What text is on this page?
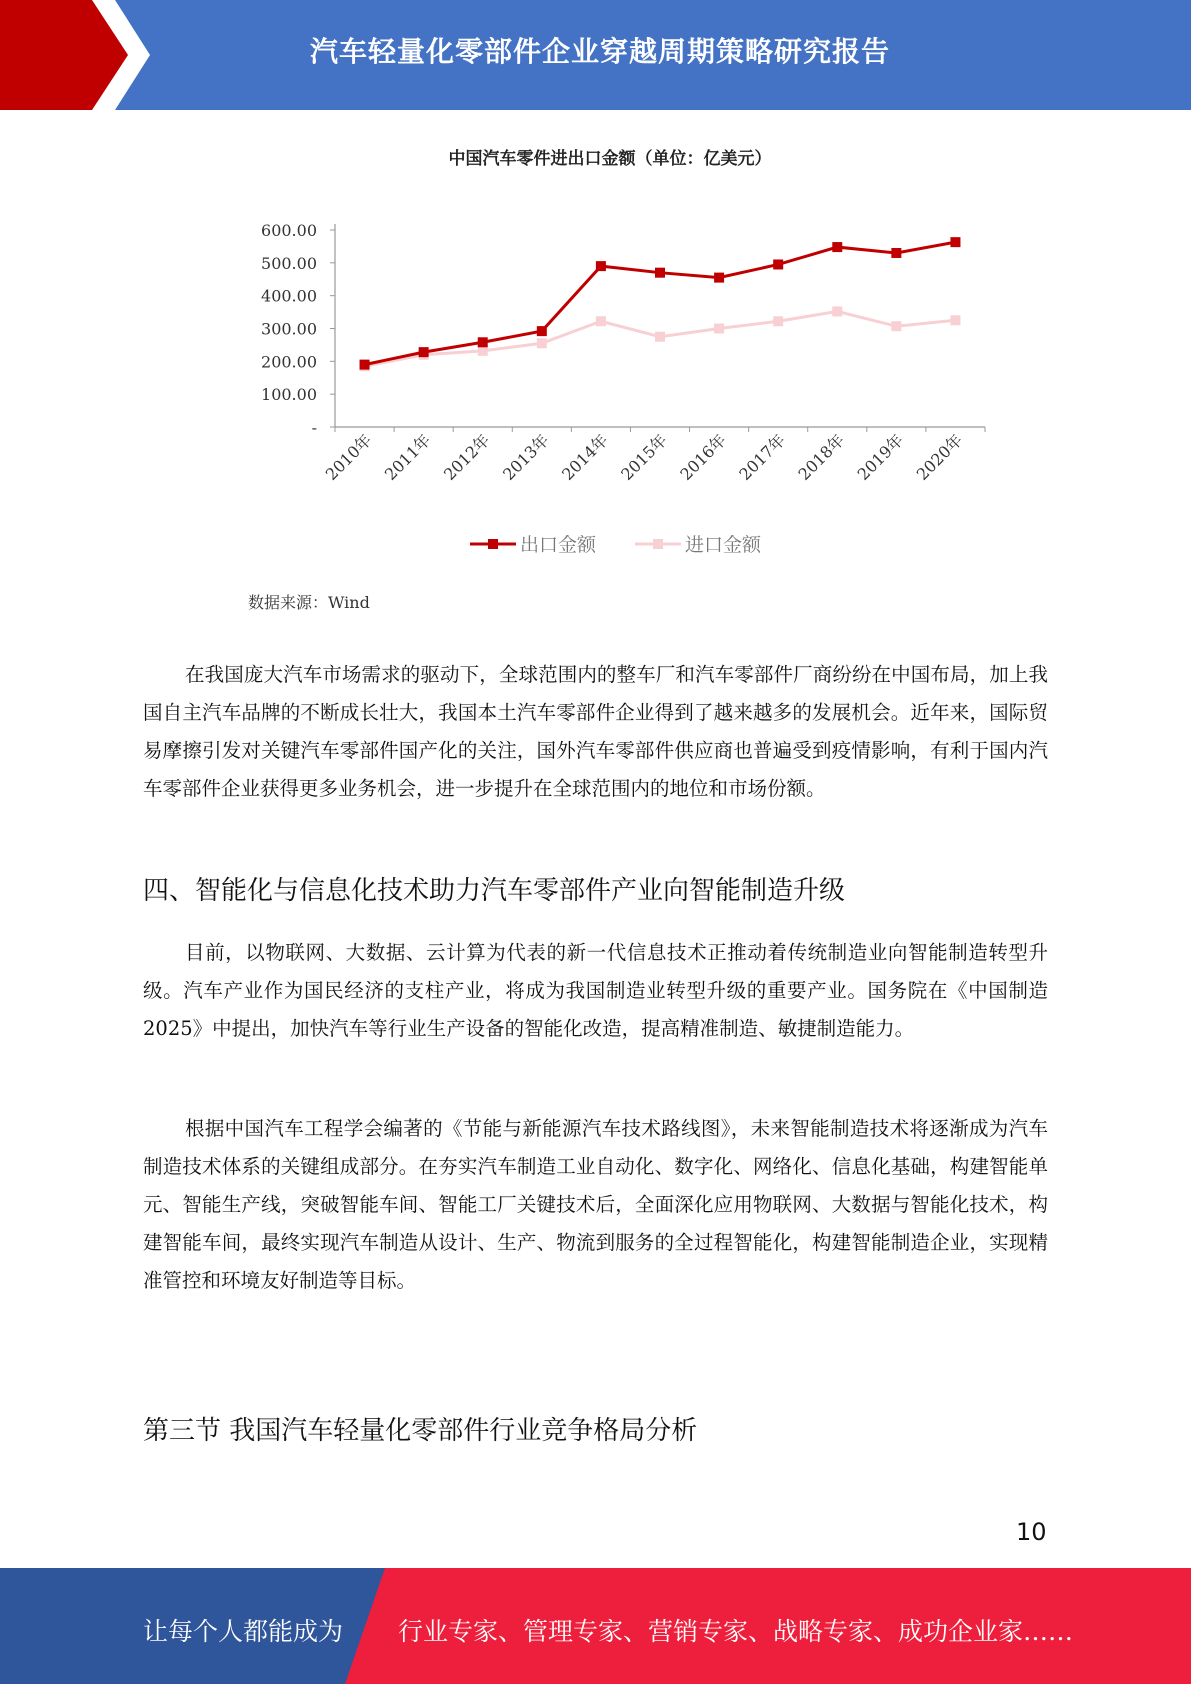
汽车轻量化零部件企业穿越周期策略研究报告
中国汽车零件进出口金额（单位：亿美元）
-
100.00
200.00
300.00
400.00
500.00
600.00
2010年 2011年 2012年 2013年 2014年 2015年 2016年 2017年 2018年 2019年 2020年
出口金额	进口金额
数据来源：Wind

在我国庞大汽车市场需求的驱动下，全球范围内的整车厂和汽车零部件厂商纷纷在中国布局，加上我国自主汽车品牌的不断成长壮大，我国本土汽车零部件企业得到了越来越多的发展机会。近年来，国际贸易摩擦引发对关键汽车零部件国产化的关注，国外汽车零部件供应商也普遍受到疫情影响，有利于国内汽车零部件企业获得更多业务机会，进一步提升在全球范围内的地位和市场份额。

四、智能化与信息化技术助力汽车零部件产业向智能制造升级

目前，以物联网、大数据、云计算为代表的新一代信息技术正推动着传统制造业向智能制造转型升级。汽车产业作为国民经济的支柱产业，将成为我国制造业转型升级的重要产业。国务院在《中国制造 2025》中提出，加快汽车等行业生产设备的智能化改造，提高精准制造、敏捷制造能力。

根据中国汽车工程学会编著的《节能与新能源汽车技术路线图》，未来智能制造技术将逐渐成为汽车制造技术体系的关键组成部分。在夯实汽车制造工业自动化、数字化、网络化、信息化基础，构建智能单元、智能生产线，突破智能车间、智能工厂关键技术后，全面深化应用物联网、大数据与智能化技术，构建智能车间，最终实现汽车制造从设计、生产、物流到服务的全过程智能化，构建智能制造企业，实现精准管控和环境友好制造等目标。

第三节 我国汽车轻量化零部件行业竞争格局分析
10
让每个人都能成为 行业专家、管理专家、营销专家、战略专家、成功企业家……
